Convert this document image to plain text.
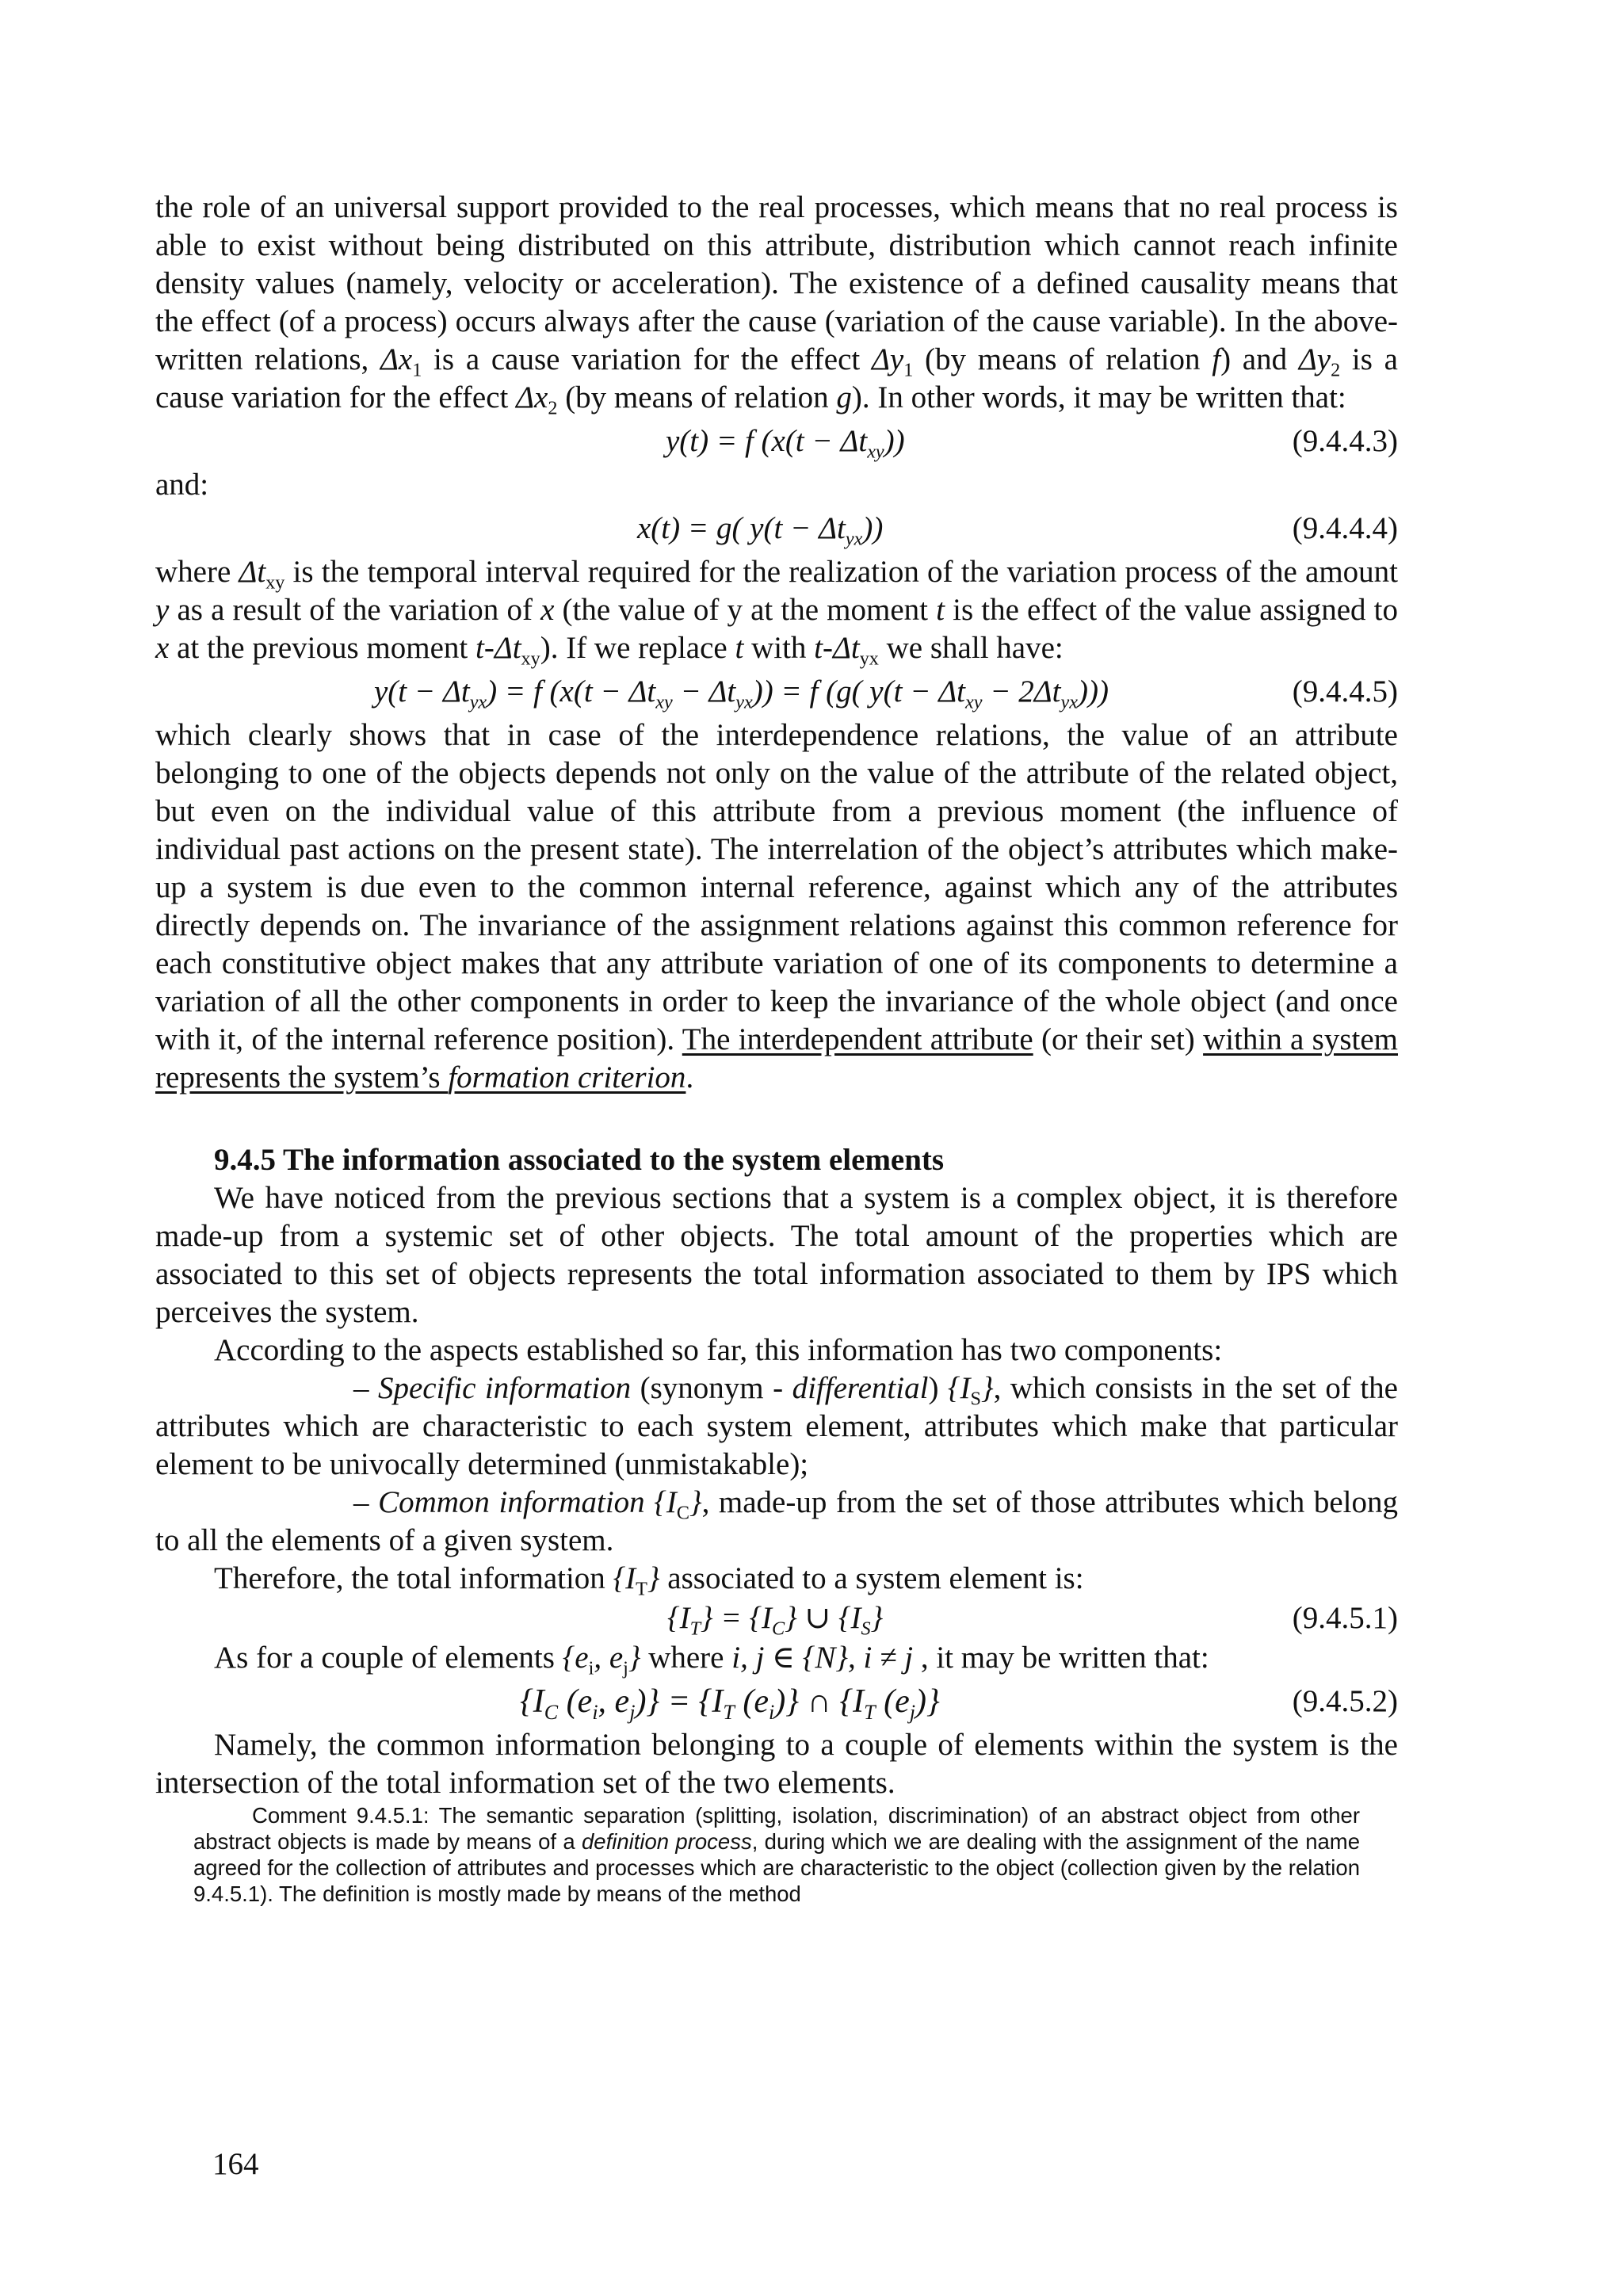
the role of an universal support provided to the real processes, which means that no real process is able to exist without being distributed on this attribute, distribution which cannot reach infinite density values (namely, velocity or acceleration). The existence of a defined causality means that the effect (of a process) occurs always after the cause (variation of the cause variable). In the above-written relations, $\Delta x_1$ is a cause variation for the effect $\Delta y_1$ (by means of relation f) and $\Delta y_2$ is a cause variation for the effect $\Delta x_2$ (by means of relation g). In other words, it may be written that:

y(t) = f $(x(t - \Delta t_{xy}))$	(9.4.4.3)

and:

x(t) = g( $y(t - \Delta t_{yx})$)	(9.4.4.4)

where $\Delta t_{xy}$ is the temporal interval required for the realization of the variation process of the amount y as a result of the variation of x (the value of y at the moment t is the effect of the value assigned to x at the previous moment $t-\Delta t_{xy}$). If we replace t with $t-\Delta t_{yx}$ we shall have:

$y(t - \Delta t_{yx}) = f$ $(x(t - \Delta t_{xy} - \Delta t_{yx})) = f$ (g( $y(t - \Delta t_{xy} - 2\Delta t_{yx})$))	(9.4.4.5)

which clearly shows that in case of the interdependence relations, the value of an attribute belonging to one of the objects depends not only on the value of the attribute of the related object, but even on the individual value of this attribute from a previous moment (the influence of individual past actions on the present state). The interrelation of the object’s attributes which make-up a system is due even to the common internal reference, against which any of the attributes directly depends on. The invariance of the assignment relations against this common reference for each constitutive object makes that any attribute variation of one of its components to determine a variation of all the other components in order to keep the invariance of the whole object (and once with it, of the internal reference position). The interdependent attribute (or their set) within a system represents the system’s formation criterion.

9.4.5 The information associated to the system elements

We have noticed from the previous sections that a system is a complex object, it is therefore made-up from a systemic set of other objects. The total amount of the properties which are associated to this set of objects represents the total information associated to them by IPS which perceives the system.

According to the aspects established so far, this information has two components:

– Specific information (synonym - differential) $\{I_S\}$, which consists in the set of the attributes which are characteristic to each system element, attributes which make that particular element to be univocally determined (unmistakable);

– Common information $\{I_C\}$, made-up from the set of those attributes which belong to all the elements of a given system.

Therefore, the total information $\{I_T\}$ associated to a system element is:

$\{I_T\} = \{I_C\}$ ∪ $\{I_S\}$	(9.4.5.1)

As for a couple of elements {$e_i$, $e_j$} where i, j ∈ {N}, i ≠ j , it may be written that:

{$I_C$ ($e_i$, $e_j)\} = \{I_T$ $(e_i)$} ∩ {$I_T$ $(e_j)$}	(9.4.5.2)

Namely, the common information belonging to a couple of elements within the system is the intersection of the total information set of the two elements.

Comment 9.4.5.1: The semantic separation (splitting, isolation, discrimination) of an abstract object from other abstract objects is made by means of a definition process, during which we are dealing with the assignment of the name agreed for the collection of attributes and processes which are characteristic to the object (collection given by the relation 9.4.5.1). The definition is mostly made by means of the method

164
